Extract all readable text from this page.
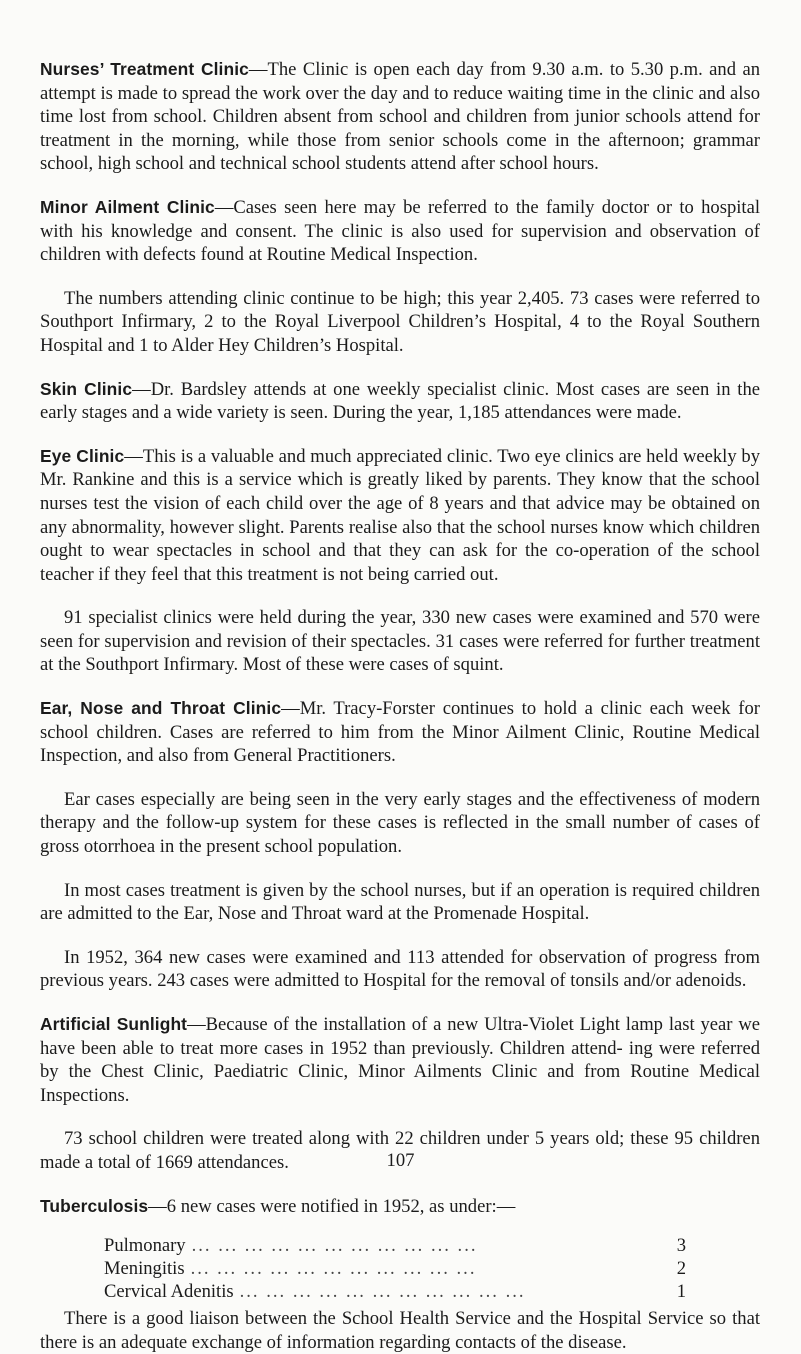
Nurses’ Treatment Clinic—The Clinic is open each day from 9.30 a.m. to 5.30 p.m. and an attempt is made to spread the work over the day and to reduce waiting time in the clinic and also time lost from school. Children absent from school and children from junior schools attend for treatment in the morning, while those from senior schools come in the afternoon; grammar school, high school and technical school students attend after school hours.

Minor Ailment Clinic—Cases seen here may be referred to the family doctor or to hospital with his knowledge and consent. The clinic is also used for supervision and observation of children with defects found at Routine Medical Inspection.

The numbers attending clinic continue to be high; this year 2,405. 73 cases were referred to Southport Infirmary, 2 to the Royal Liverpool Children’s Hospital, 4 to the Royal Southern Hospital and 1 to Alder Hey Children’s Hospital.

Skin Clinic—Dr. Bardsley attends at one weekly specialist clinic. Most cases are seen in the early stages and a wide variety is seen. During the year, 1,185 attendances were made.

Eye Clinic—This is a valuable and much appreciated clinic. Two eye clinics are held weekly by Mr. Rankine and this is a service which is greatly liked by parents. They know that the school nurses test the vision of each child over the age of 8 years and that advice may be obtained on any abnormality, however slight. Parents realise also that the school nurses know which children ought to wear spectacles in school and that they can ask for the co-operation of the school teacher if they feel that this treatment is not being carried out.

91 specialist clinics were held during the year, 330 new cases were examined and 570 were seen for supervision and revision of their spectacles. 31 cases were referred for further treatment at the Southport Infirmary. Most of these were cases of squint.

Ear, Nose and Throat Clinic—Mr. Tracy-Forster continues to hold a clinic each week for school children. Cases are referred to him from the Minor Ailment Clinic, Routine Medical Inspection, and also from General Practitioners.

Ear cases especially are being seen in the very early stages and the effectiveness of modern therapy and the follow-up system for these cases is reflected in the small number of cases of gross otorrhoea in the present school population.

In most cases treatment is given by the school nurses, but if an operation is required children are admitted to the Ear, Nose and Throat ward at the Promenade Hospital.

In 1952, 364 new cases were examined and 113 attended for observation of progress from previous years. 243 cases were admitted to Hospital for the removal of tonsils and/or adenoids.

Artificial Sunlight—Because of the installation of a new Ultra-Violet Light lamp last year we have been able to treat more cases in 1952 than previously. Children attend- ing were referred by the Chest Clinic, Paediatric Clinic, Minor Ailments Clinic and from Routine Medical Inspections.

73 school children were treated along with 22 children under 5 years old; these 95 children made a total of 1669 attendances.

Tuberculosis—6 new cases were notified in 1952, as under:—

Pulmonary ... ... ... ... ... ... ... ... ... ... ...	3
Meningitis ... ... ... ... ... ... ... ... ... ... ...	2
Cervical Adenitis ... ... ... ... ... ... ... ... ... ... ...	1

There is a good liaison between the School Health Service and the Hospital Service so that there is an adequate exchange of information regarding contacts of the disease.

107
